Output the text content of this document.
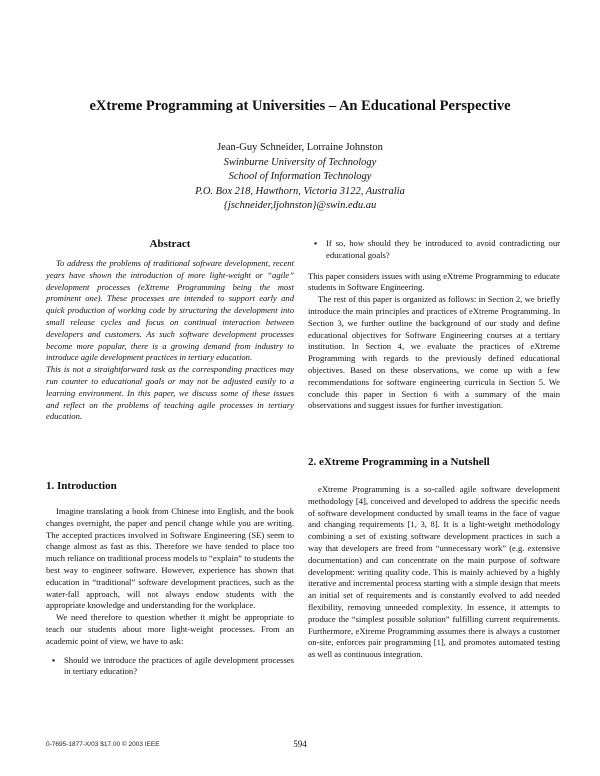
eXtreme Programming at Universities – An Educational Perspective
Jean-Guy Schneider, Lorraine Johnston
Swinburne University of Technology
School of Information Technology
P.O. Box 218, Hawthorn, Victoria 3122, Australia
{jschneider,ljohnston}@swin.edu.au
Abstract

To address the problems of traditional software development, recent years have shown the introduction of more light-weight or “agile” development processes (eXtreme Programming being the most prominent one). These processes are intended to support early and quick production of working code by structuring the development into small release cycles and focus on continual interaction between developers and customers. As such software development processes become more popular, there is a growing demand from industry to introduce agile development practices in tertiary education.

This is not a straightforward task as the corresponding practices may run counter to educational goals or may not be adjusted easily to a learning environment. In this paper, we discuss some of these issues and reflect on the problems of teaching agile processes in tertiary education.

1. Introduction

Imagine translating a book from Chinese into English, and the book changes overnight, the paper and pencil change while you are writing. The accepted practices involved in Software Engineering (SE) seem to change almost as fast as this. Therefore we have tended to place too much reliance on traditional process models to “explain” to students the best way to engineer software. However, experience has shown that education in “traditional” software development practices, such as the water-fall approach, will not always endow students with the appropriate knowledge and understanding for the workplace.

We need therefore to question whether it might be appropriate to teach our students about more light-weight processes. From an academic point of view, we have to ask:

▪ Should we introduce the practices of agile development processes in tertiary education?
▪ If so, how should they be introduced to avoid contradicting our educational goals?

This paper considers issues with using eXtreme Programming to educate students in Software Engineering.

The rest of this paper is organized as follows: in Section 2, we briefly introduce the main principles and practices of eXtreme Programming. In Section 3, we further outline the background of our study and define educational objectives for Software Engineering courses at a tertiary institution. In Section 4, we evaluate the practices of eXtreme Programming with regards to the previously defined educational objectives. Based on these observations, we come up with a few recommendations for software engineering curricula in Section 5. We conclude this paper in Section 6 with a summary of the main observations and suggest issues for further investigation.

2. eXtreme Programming in a Nutshell

eXtreme Programming is a so-called agile software development methodology [4], conceived and developed to address the specific needs of software development conducted by small teams in the face of vague and changing requirements [1, 3, 8]. It is a light-weight methodology combining a set of existing software development practices in such a way that developers are freed from “unnecessary work” (e.g. extensive documentation) and can concentrate on the main purpose of software development: writing quality code. This is mainly achieved by a highly iterative and incremental process starting with a simple design that meets an initial set of requirements and is constantly evolved to add needed flexibility, removing unneeded complexity. In essence, it attempts to produce the “simplest possible solution” fulfilling current requirements. Furthermore, eXtreme Programming assumes there is always a customer on-site, enforces pair programming [1], and promotes automated testing as well as continuous integration.

0-7695-1877-X/03 $17.00 © 2003 IEEE	594
